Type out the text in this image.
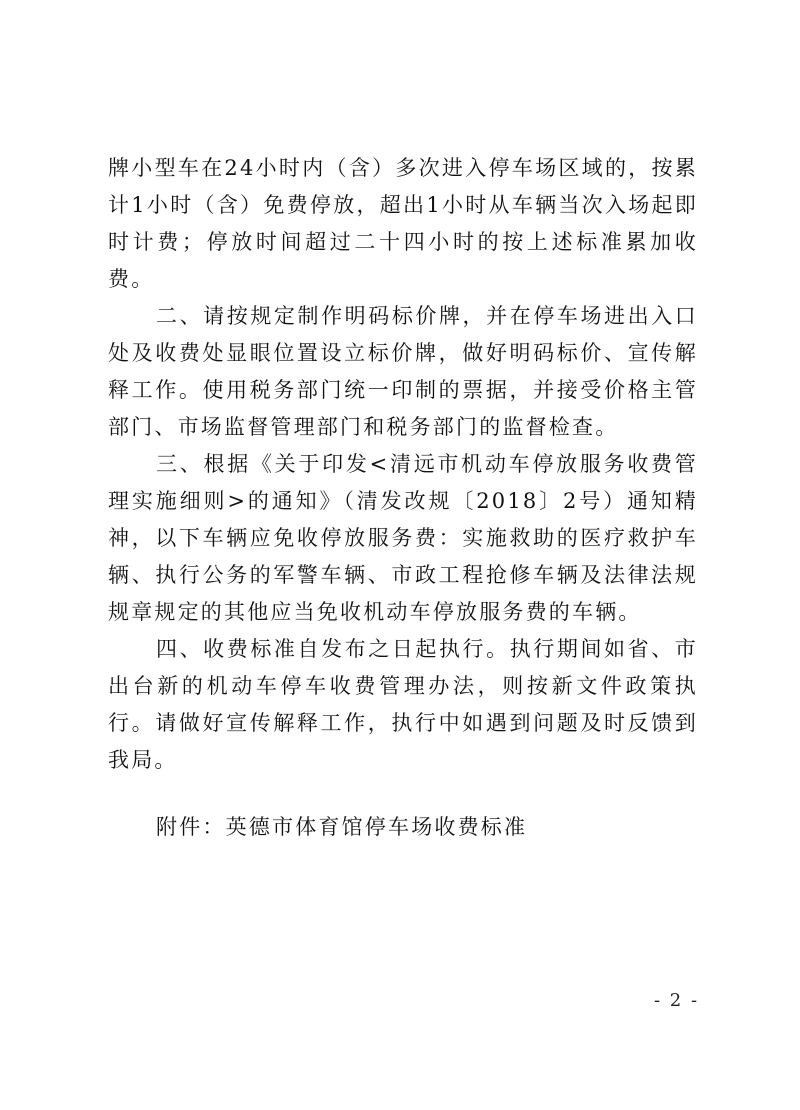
牌小型车在24小时内（含）多次进入停车场区域的，按累计1小时（含）免费停放，超出1小时从车辆当次入场起即时计费；停放时间超过二十四小时的按上述标准累加收费。

二、请按规定制作明码标价牌，并在停车场进出入口处及收费处显眼位置设立标价牌，做好明码标价、宣传解释工作。使用税务部门统一印制的票据，并接受价格主管部门、市场监督管理部门和税务部门的监督检查。

三、根据《关于印发<清远市机动车停放服务收费管理实施细则>的通知》（清发改规〔2018〕2号）通知精神，以下车辆应免收停放服务费：实施救助的医疗救护车辆、执行公务的军警车辆、市政工程抢修车辆及法律法规规章规定的其他应当免收机动车停放服务费的车辆。

四、收费标准自发布之日起执行。执行期间如省、市出台新的机动车停车收费管理办法，则按新文件政策执行。请做好宣传解释工作，执行中如遇到问题及时反馈到我局。

附件：英德市体育馆停车场收费标准

- 2 -
